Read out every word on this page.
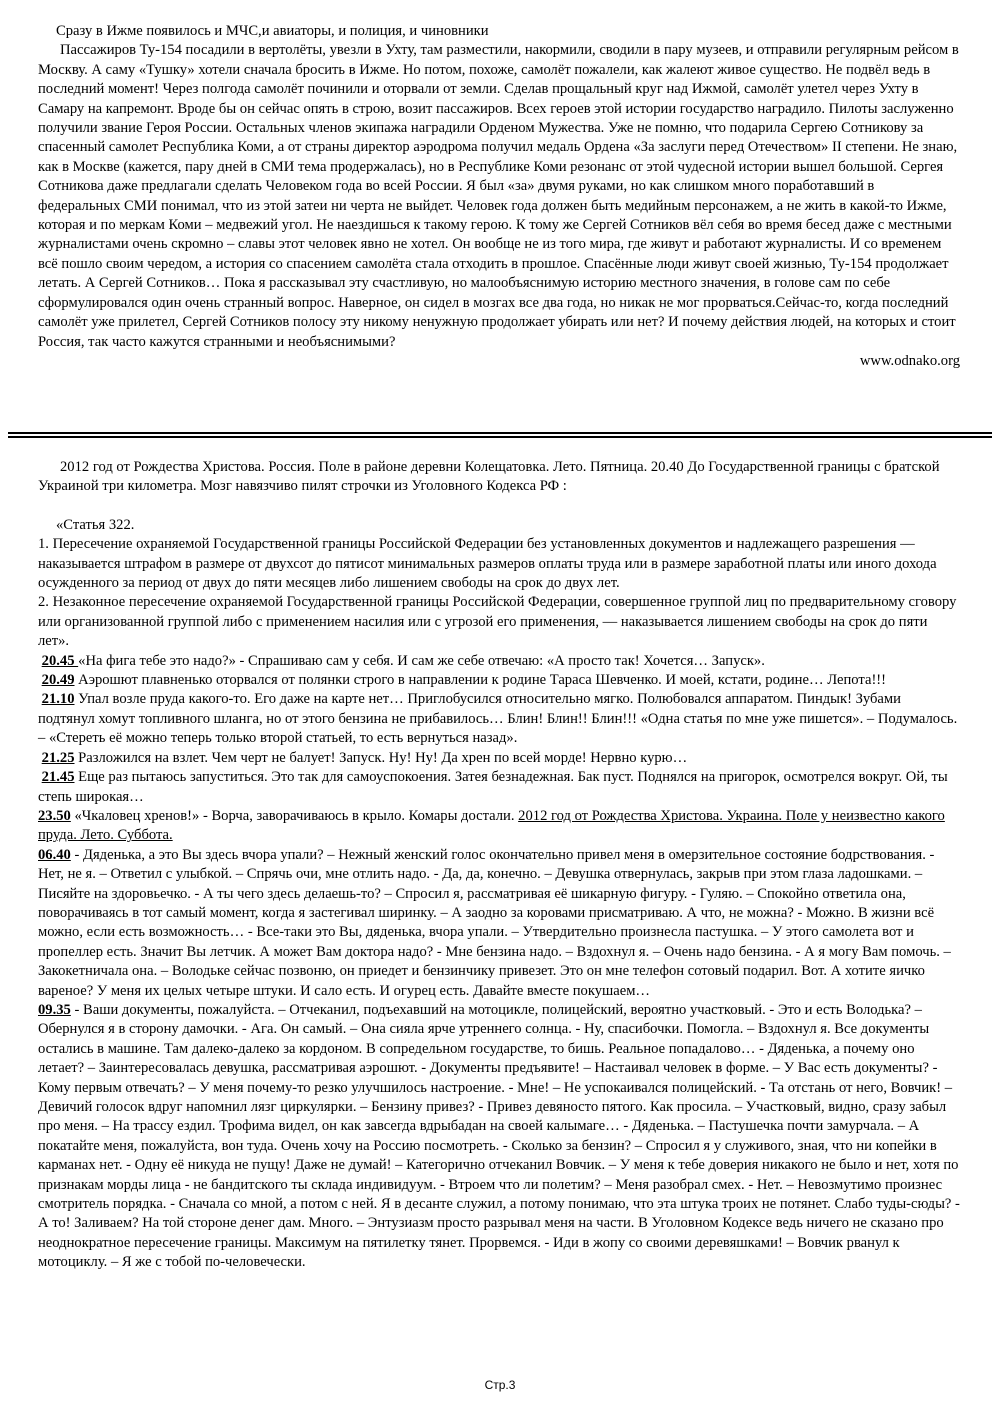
Сразу в Ижме появилось и МЧС,и авиаторы, и полиция, и чиновники

Пассажиров Ту-154 посадили в вертолёты, увезли в Ухту, там разместили, накормили, сводили в пару музеев, и отправили регулярным рейсом в Москву. А саму «Тушку» хотели сначала бросить в Ижме. Но потом, похоже, самолёт пожалели, как жалеют живое существо. Не подвёл ведь в последний момент! Через полгода самолёт починили и оторвали от земли. Сделав прощальный круг над Ижмой, самолёт улетел через Ухту в Самару на капремонт. Вроде бы он сейчас опять в строю, возит пассажиров. Всех героев этой истории государство наградило. Пилоты заслуженно получили звание Героя России. Остальных членов экипажа наградили Орденом Мужества. Уже не помню, что подарила Сергею Сотникову за спасенный самолет Республика Коми, а от страны директор аэродрома получил медаль Ордена «За заслуги перед Отечеством» II степени. Не знаю, как в Москве (кажется, пару дней в СМИ тема продержалась), но в Республике Коми резонанс от этой чудесной истории вышел большой. Сергея Сотникова даже предлагали сделать Человеком года во всей России. Я был «за» двумя руками, но как слишком много поработавший в федеральных СМИ понимал, что из этой затеи ни черта не выйдет. Человек года должен быть медийным персонажем, а не жить в какой-то Ижме, которая и по меркам Коми – медвежий угол. Не наездишься к такому герою. К тому же Сергей Сотников вёл себя во время бесед даже с местными журналистами очень скромно – славы этот человек явно не хотел. Он вообще не из того мира, где живут и работают журналисты. И со временем всё пошло своим чередом, а история со спасением самолёта стала отходить в прошлое. Спасённые люди живут своей жизнью, Ту-154 продолжает летать. А Сергей Сотников… Пока я рассказывал эту счастливую, но малообъяснимую историю местного значения, в голове сам по себе сформулировался один очень странный вопрос. Наверное, он сидел в мозгах все два года, но никак не мог прорваться.Сейчас-то, когда последний самолёт уже прилетел, Сергей Сотников полосу эту никому ненужную продолжает убирать или нет? И почему действия людей, на которых и стоит Россия, так часто кажутся странными и необъяснимыми?

www.odnako.org

2012 год от Рождества Христова. Россия. Поле в районе деревни Колещатовка. Лето. Пятница. 20.40 До Государственной границы с братской Украиной три километра. Мозг навязчиво пилят строчки из Уголовного Кодекса РФ :

«Статья 322.

1. Пересечение охраняемой Государственной границы Российской Федерации без установленных документов и надлежащего разрешения — наказывается штрафом в размере от двухсот до пятисот минимальных размеров оплаты труда или в размере заработной платы или иного дохода осужденного за период от двух до пяти месяцев либо лишением свободы на срок до двух лет.

2. Незаконное пересечение охраняемой Государственной границы Российской Федерации, совершенное группой лиц по предварительному сговору или организованной группой либо с применением насилия или с угрозой его применения, — наказывается лишением свободы на срок до пяти лет».

20.45 «На фига тебе это надо?» - Спрашиваю сам у себя. И сам же себе отвечаю: «А просто так! Хочется… Запуск».

20.49 Аэрошют плавненько оторвался от полянки строго в направлении к родине Тараса Шевченко. И моей, кстати, родине… Лепота!!!

21.10 Упал возле пруда какого-то. Его даже на карте нет… Приглобусился относительно мягко. Полюбовался аппаратом. Пиндык! Зубами подтянул хомут топливного шланга, но от этого бензина не прибавилось… Блин! Блин!! Блин!!! «Одна статья по мне уже пишется». – Подумалось. – «Стереть её можно теперь только второй статьей, то есть вернуться назад».

21.25 Разложился на взлет. Чем черт не балует! Запуск. Ну! Ну! Да хрен по всей морде! Нервно курю…

21.45 Еще раз пытаюсь запуститься. Это так для самоуспокоения. Затея безнадежная. Бак пуст. Поднялся на пригорок, осмотрелся вокруг. Ой, ты степь широкая…

23.50 «Чкаловец хренов!» - Ворча, заворачиваюсь в крыло. Комары достали. 2012 год от Рождества Христова. Украина. Поле у неизвестно какого пруда. Лето. Суббота.

06.40 - Дяденька, а это Вы здесь вчора упали? – Нежный женский голос окончательно привел меня в омерзительное состояние бодрствования. - Нет, не я. – Ответил с улыбкой. – Спрячь очи, мне отлить надо. - Да, да, конечно. – Девушка отвернулась, закрыв при этом глаза ладошками. – Писяйте на здоровьечко. - А ты чего здесь делаешь-то? – Спросил я, рассматривая её шикарную фигуру. - Гуляю. – Спокойно ответила она, поворачиваясь в тот самый момент, когда я застегивал ширинку. – А заодно за коровами присматриваю. А что, не можна? - Можно. В жизни всё можно, если есть возможность… - Все-таки это Вы, дяденька, вчора упали. – Утвердительно произнесла пастушка. – У этого самолета вот и пропеллер есть. Значит Вы летчик. А может Вам доктора надо? - Мне бензина надо. – Вздохнул я. – Очень надо бензина. - А я могу Вам помочь. – Закокетничала она. – Володьке сейчас позвоню, он приедет и бензинчику привезет. Это он мне телефон сотовый подарил. Вот. А хотите яичко вареное? У меня их целых четыре штуки. И сало есть. И огурец есть. Давайте вместе покушаем…

09.35 - Ваши документы, пожалуйста. – Отчеканил, подъехавший на мотоцикле, полицейский, вероятно участковый. - Это и есть Володька? – Обернулся я в сторону дамочки. - Ага. Он самый. – Она сияла ярче утреннего солнца. - Ну, спасибочки. Помогла. – Вздохнул я. Все документы остались в машине. Там далеко-далеко за кордоном. В сопредельном государстве, то бишь. Реальное попадалово… - Дяденька, а почему оно летает? – Заинтересовалась девушка, рассматривая аэрошют. - Документы предъявите! – Настаивал человек в форме. – У Вас есть документы? - Кому первым отвечать? – У меня почему-то резко улучшилось настроение. - Мне! – Не успокаивался полицейский. - Та отстань от него, Вовчик! – Девичий голосок вдруг напомнил лязг циркулярки. – Бензину привез? - Привез девяносто пятого. Как просила. – Участковый, видно, сразу забыл про меня. – На трассу ездил. Трофима видел, он как завсегда вдрыбадан на своей калымаге… - Дяденька. – Пастушечка почти замурчала. – А покатайте меня, пожалуйста, вон туда. Очень хочу на Россию посмотреть. - Сколько за бензин? – Спросил я у служивого, зная, что ни копейки в карманах нет. - Одну её никуда не пущу! Даже не думай! – Категорично отчеканил Вовчик. – У меня к тебе доверия никакого не было и нет, хотя по признакам морды лица - не бандитского ты склада индивидуум. - Втроем что ли полетим? – Меня разобрал смех. - Нет. – Невозмутимо произнес смотритель порядка. - Сначала со мной, а потом с ней. Я в десанте служил, а потому понимаю, что эта штука троих не потянет. Слабо туды-сюды? - А то! Заливаем? На той стороне денег дам. Много. – Энтузиазм просто разрывал меня на части. В Уголовном Кодексе ведь ничего не сказано про неоднократное пересечение границы. Максимум на пятилетку тянет. Прорвемся. - Иди в жопу со своими деревяшками! – Вовчик рванул к мотоциклу. – Я же с тобой по-человечески.

Стр.3
